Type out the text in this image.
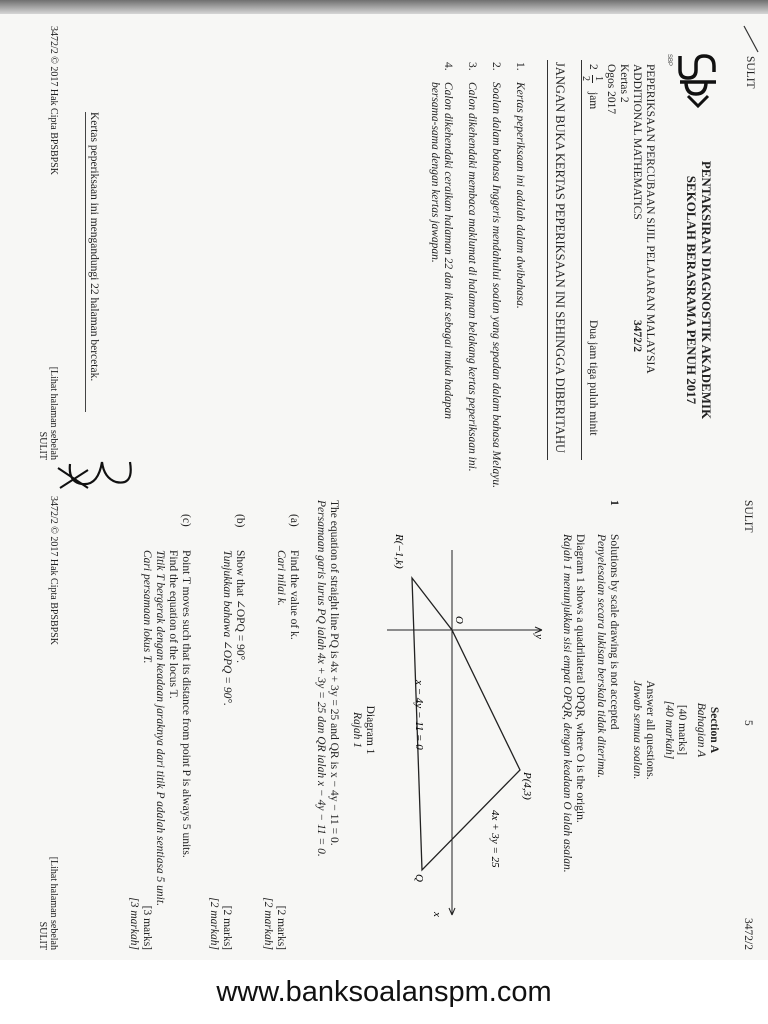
SULIT
SBP
PENTAKSIRAN DIAGNOSTIK AKADEMIK
SEKOLAH BERASRAMA PENUH 2017
PEPERIKSAAN PERCUBAAN SIJIL PELAJARAN MALAYSIA
ADDITIONAL MATHEMATICS
3472/2
Kertas 2
Ogos 2017
2
1
2
jam
Dua jam tiga puluh minit
JANGAN BUKA KERTAS PEPERIKSAAN INI SEHINGGA DIBERITAHU
1.
Kertas peperiksaan ini adalah dalam dwibahasa.
2.
Soalan dalam bahasa Inggeris mendahului soalan yang sepadan dalam bahasa Melayu.
3.
Calon dikehendaki membaca maklumat di halaman belakang kertas peperiksaan ini.
4.
Calon dikehendaki ceraikan halaman 22 dan ikat sebagai muka hadapan
bersama-sama dengan kertas jawapan.
Kertas peperiksaan ini mengandungi 22 halaman bercetak.
3472/2 © 2017 Hak Cipta BPSBPSK
[Lihat halaman sebelah
SULIT
SULIT
5
3472/2
Section A
Bahagian A
[40 marks]
[40 markah]
Answer all questions.
Jawab semua soalan.
1
Solutions by scale drawing is not accepted
Penyelesaian secara lukisan berskala tidak diterima.
Diagram 1 shows a quadrilateral OPQR, where O is the origin.
Rajah 1 menunjukkan sisi empat OPQR, dengan keadaan O ialah asalan.
y
x
O
P(4,3)
Q
R(−1,k)
4x + 3y = 25
x − 4y − 11 = 0
Diagram 1
Rajah 1
The equation of straight line PQ is 4x + 3y = 25 and QR is x − 4y − 11 = 0.
Persamaan garis lurus PQ ialah 4x + 3y = 25 dan QR ialah x − 4y − 11 = 0.
(a)
Find the value of k.
Cari nilai k.
[2 marks]
[2 markah]
(b)
Show that ∠OPQ = 90°.
Tunjukkan bahawa ∠OPQ = 90°.
[2 marks]
[2 markah]
(c)
Point T moves such that its distance from point P is always 5 units.
Find the equation of the locus T.
Titik T bergerak dengan keadaan jaraknya dari titik P adalah sentiasa 5 unit.
Cari persamaan lokus T.
[3 marks]
[3 markah]
3472/2 © 2017 Hak Cipta BPSBPSK
[Lihat halaman sebelah
SULIT
www.banksoalanspm.com
